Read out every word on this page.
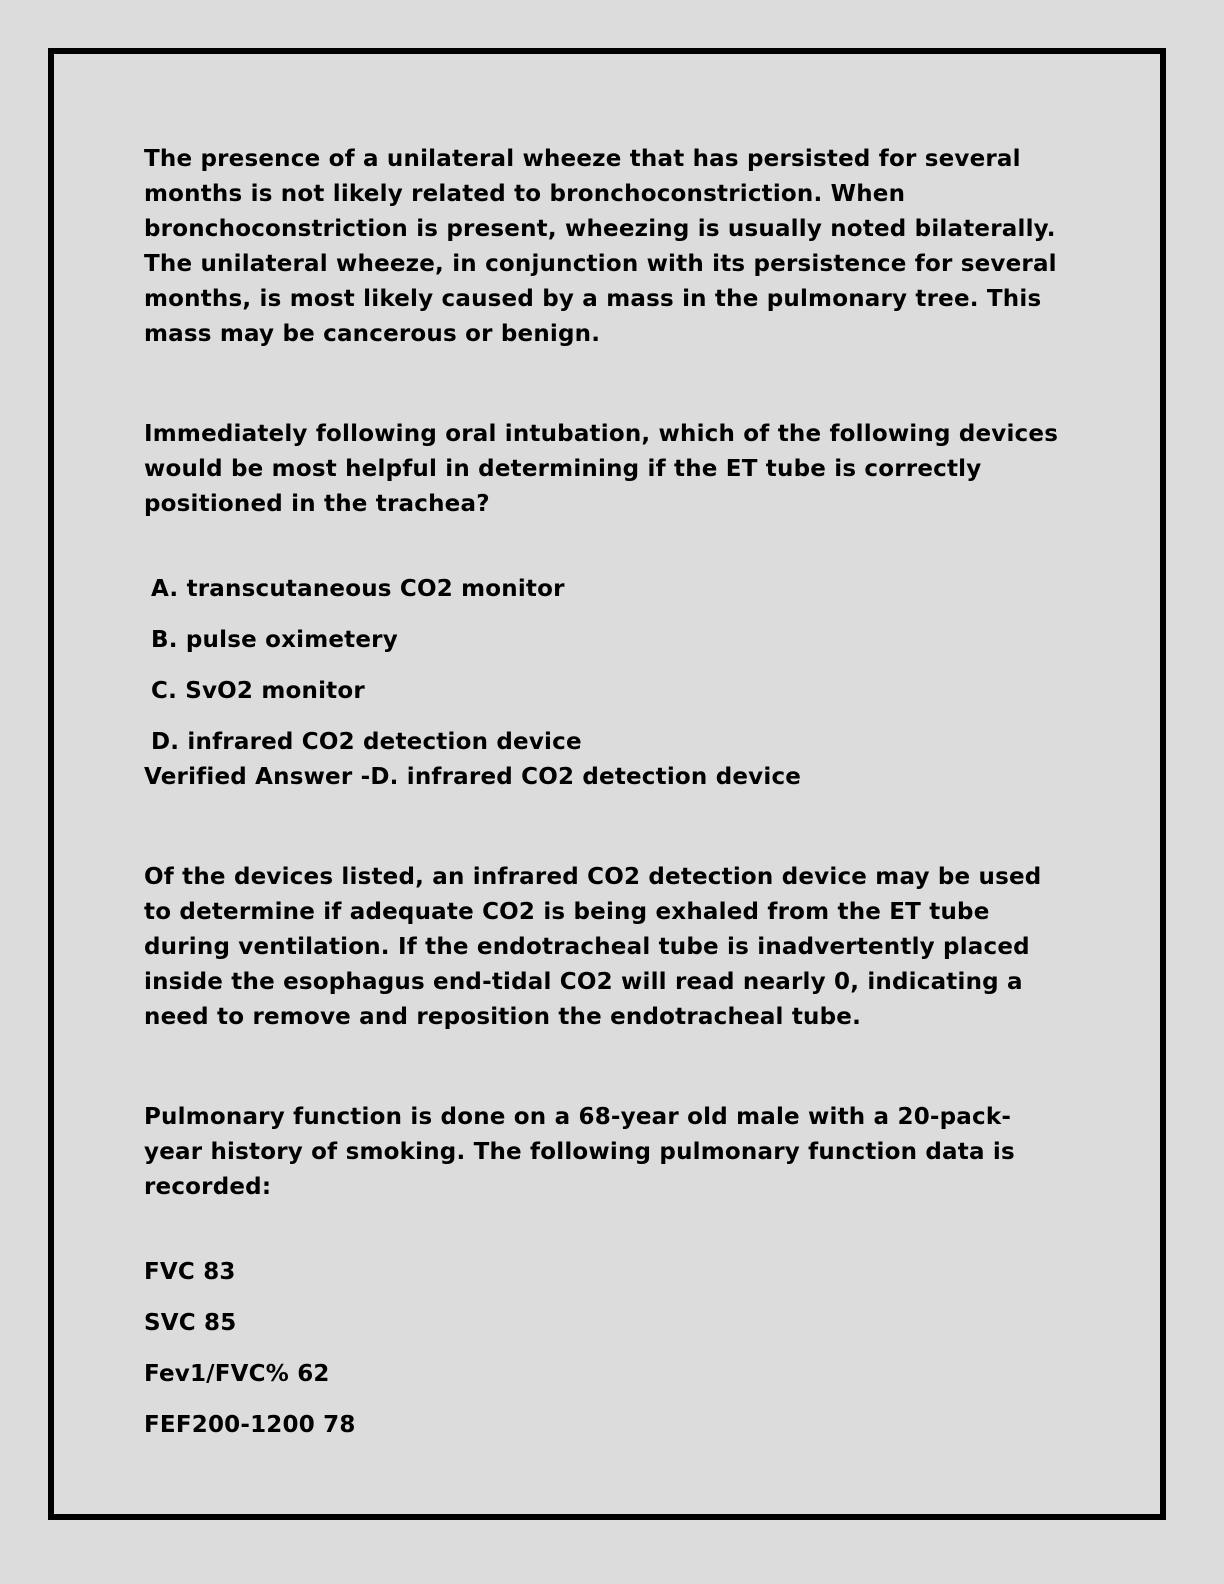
The presence of a unilateral wheeze that has persisted for several months is not likely related to bronchoconstriction. When bronchoconstriction is present, wheezing is usually noted bilaterally. The unilateral wheeze, in conjunction with its persistence for several months, is most likely caused by a mass in the pulmonary tree. This mass may be cancerous or benign.

Immediately following oral intubation, which of the following devices would be most helpful in determining if the ET tube is correctly positioned in the trachea?

A. transcutaneous CO2 monitor
B. pulse oximetery
C. SvO2 monitor
D. infrared CO2 detection device

Verified Answer -D. infrared CO2 detection device

Of the devices listed, an infrared CO2 detection device may be used to determine if adequate CO2 is being exhaled from the ET tube during ventilation. If the endotracheal tube is inadvertently placed inside the esophagus end-tidal CO2 will read nearly 0, indicating a need to remove and reposition the endotracheal tube.

Pulmonary function is done on a 68-year old male with a 20-pack-year history of smoking. The following pulmonary function data is recorded:

FVC 83
SVC 85
Fev1/FVC% 62
FEF200-1200 78
